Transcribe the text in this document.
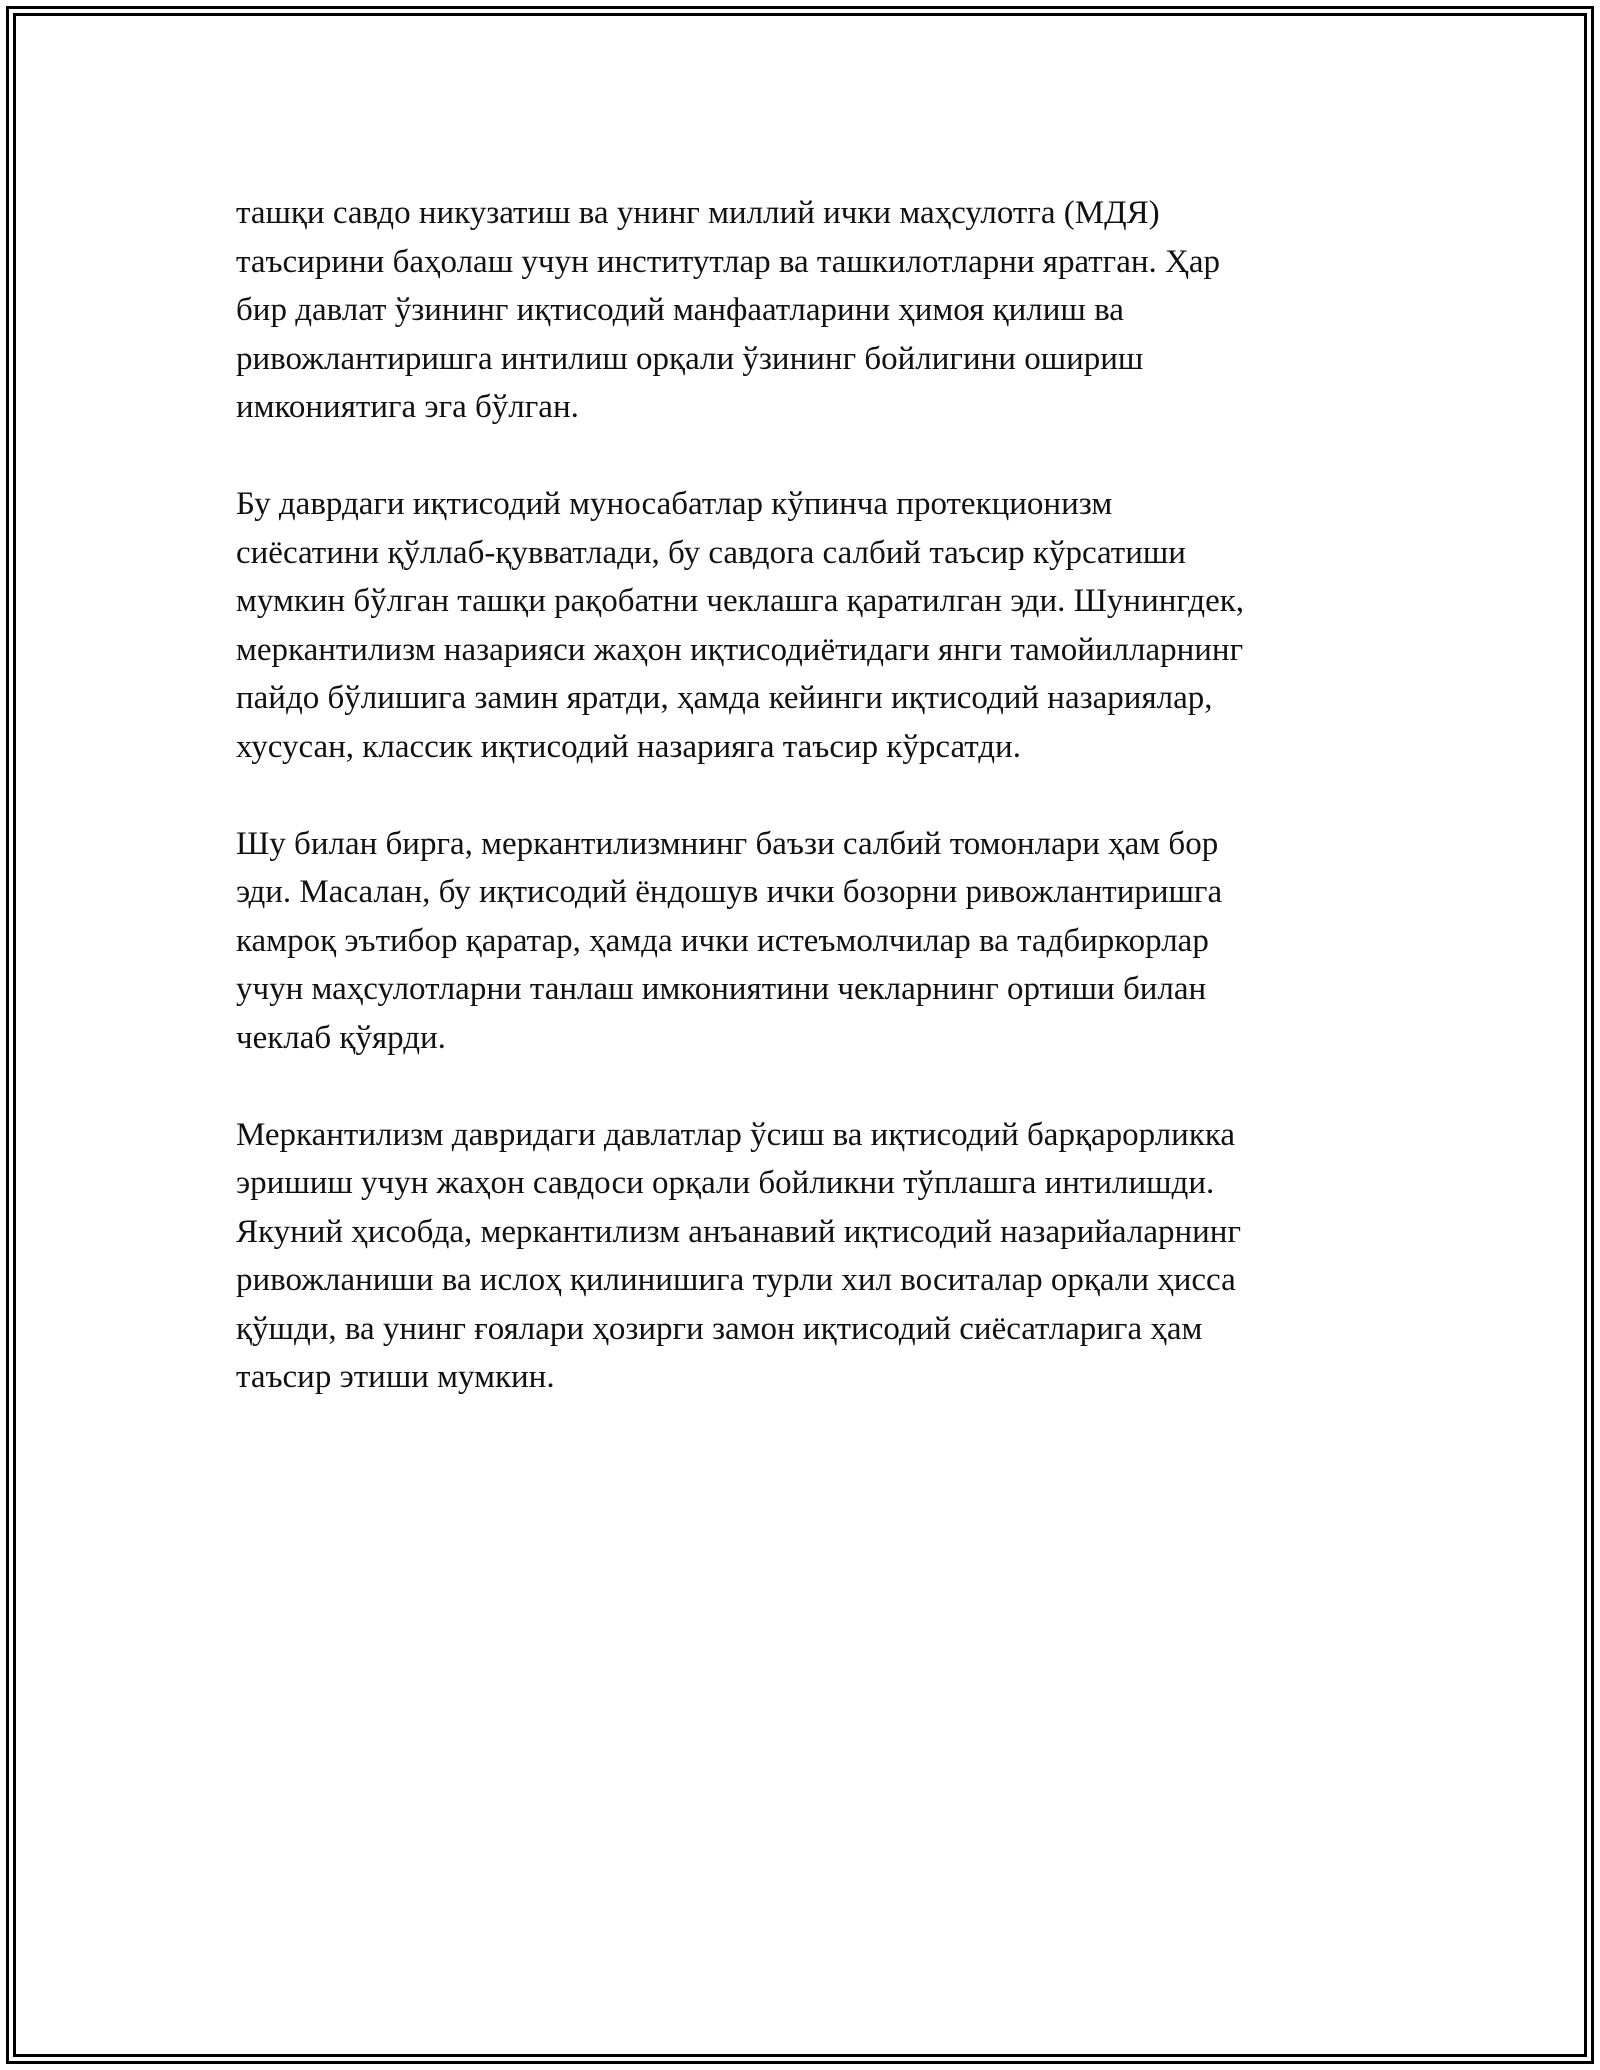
ташқи савдо никузатиш ва унинг миллий ички маҳсулотга (МДЯ)
таъсирини баҳолаш учун институтлар ва ташкилотларни яратган. Ҳар
бир давлат ўзининг иқтисодий манфаатларини ҳимоя қилиш ва
ривожлантиришга интилиш орқали ўзининг бойлигини ошириш
имкониятига эга бўлган.

Бу даврдаги иқтисодий муносабатлар кўпинча протекционизм
сиёсатини қўллаб-қувватлади, бу савдога салбий таъсир кўрсатиши
мумкин бўлган ташқи рақобатни чеклашга қаратилган эди. Шунингдек,
меркантилизм назарияси жаҳон иқтисодиётидаги янги тамойилларнинг
пайдо бўлишига замин яратди, ҳамда кейинги иқтисодий назариялар,
хусусан, классик иқтисодий назарияга таъсир кўрсатди.

Шу билан бирга, меркантилизмнинг баъзи салбий томонлари ҳам бор
эди. Масалан, бу иқтисодий ёндошув ички бозорни ривожлантиришга
камроқ эътибор қаратар, ҳамда ички истеъмолчилар ва тадбиркорлар
учун маҳсулотларни танлаш имкониятини чекларнинг ортиши билан
чеклаб қўярди.

Меркантилизм давридаги давлатлар ўсиш ва иқтисодий барқарорликка
эришиш учун жаҳон савдоси орқали бойликни тўплашга интилишди.
Якуний ҳисобда, меркантилизм анъанавий иқтисодий назарийаларнинг
ривожланиши ва ислоҳ қилинишига турли хил воситалар орқали ҳисса
қўшди, ва унинг ғоялари ҳозирги замон иқтисодий сиёсатларига ҳам
таъсир этиши мумкин.
